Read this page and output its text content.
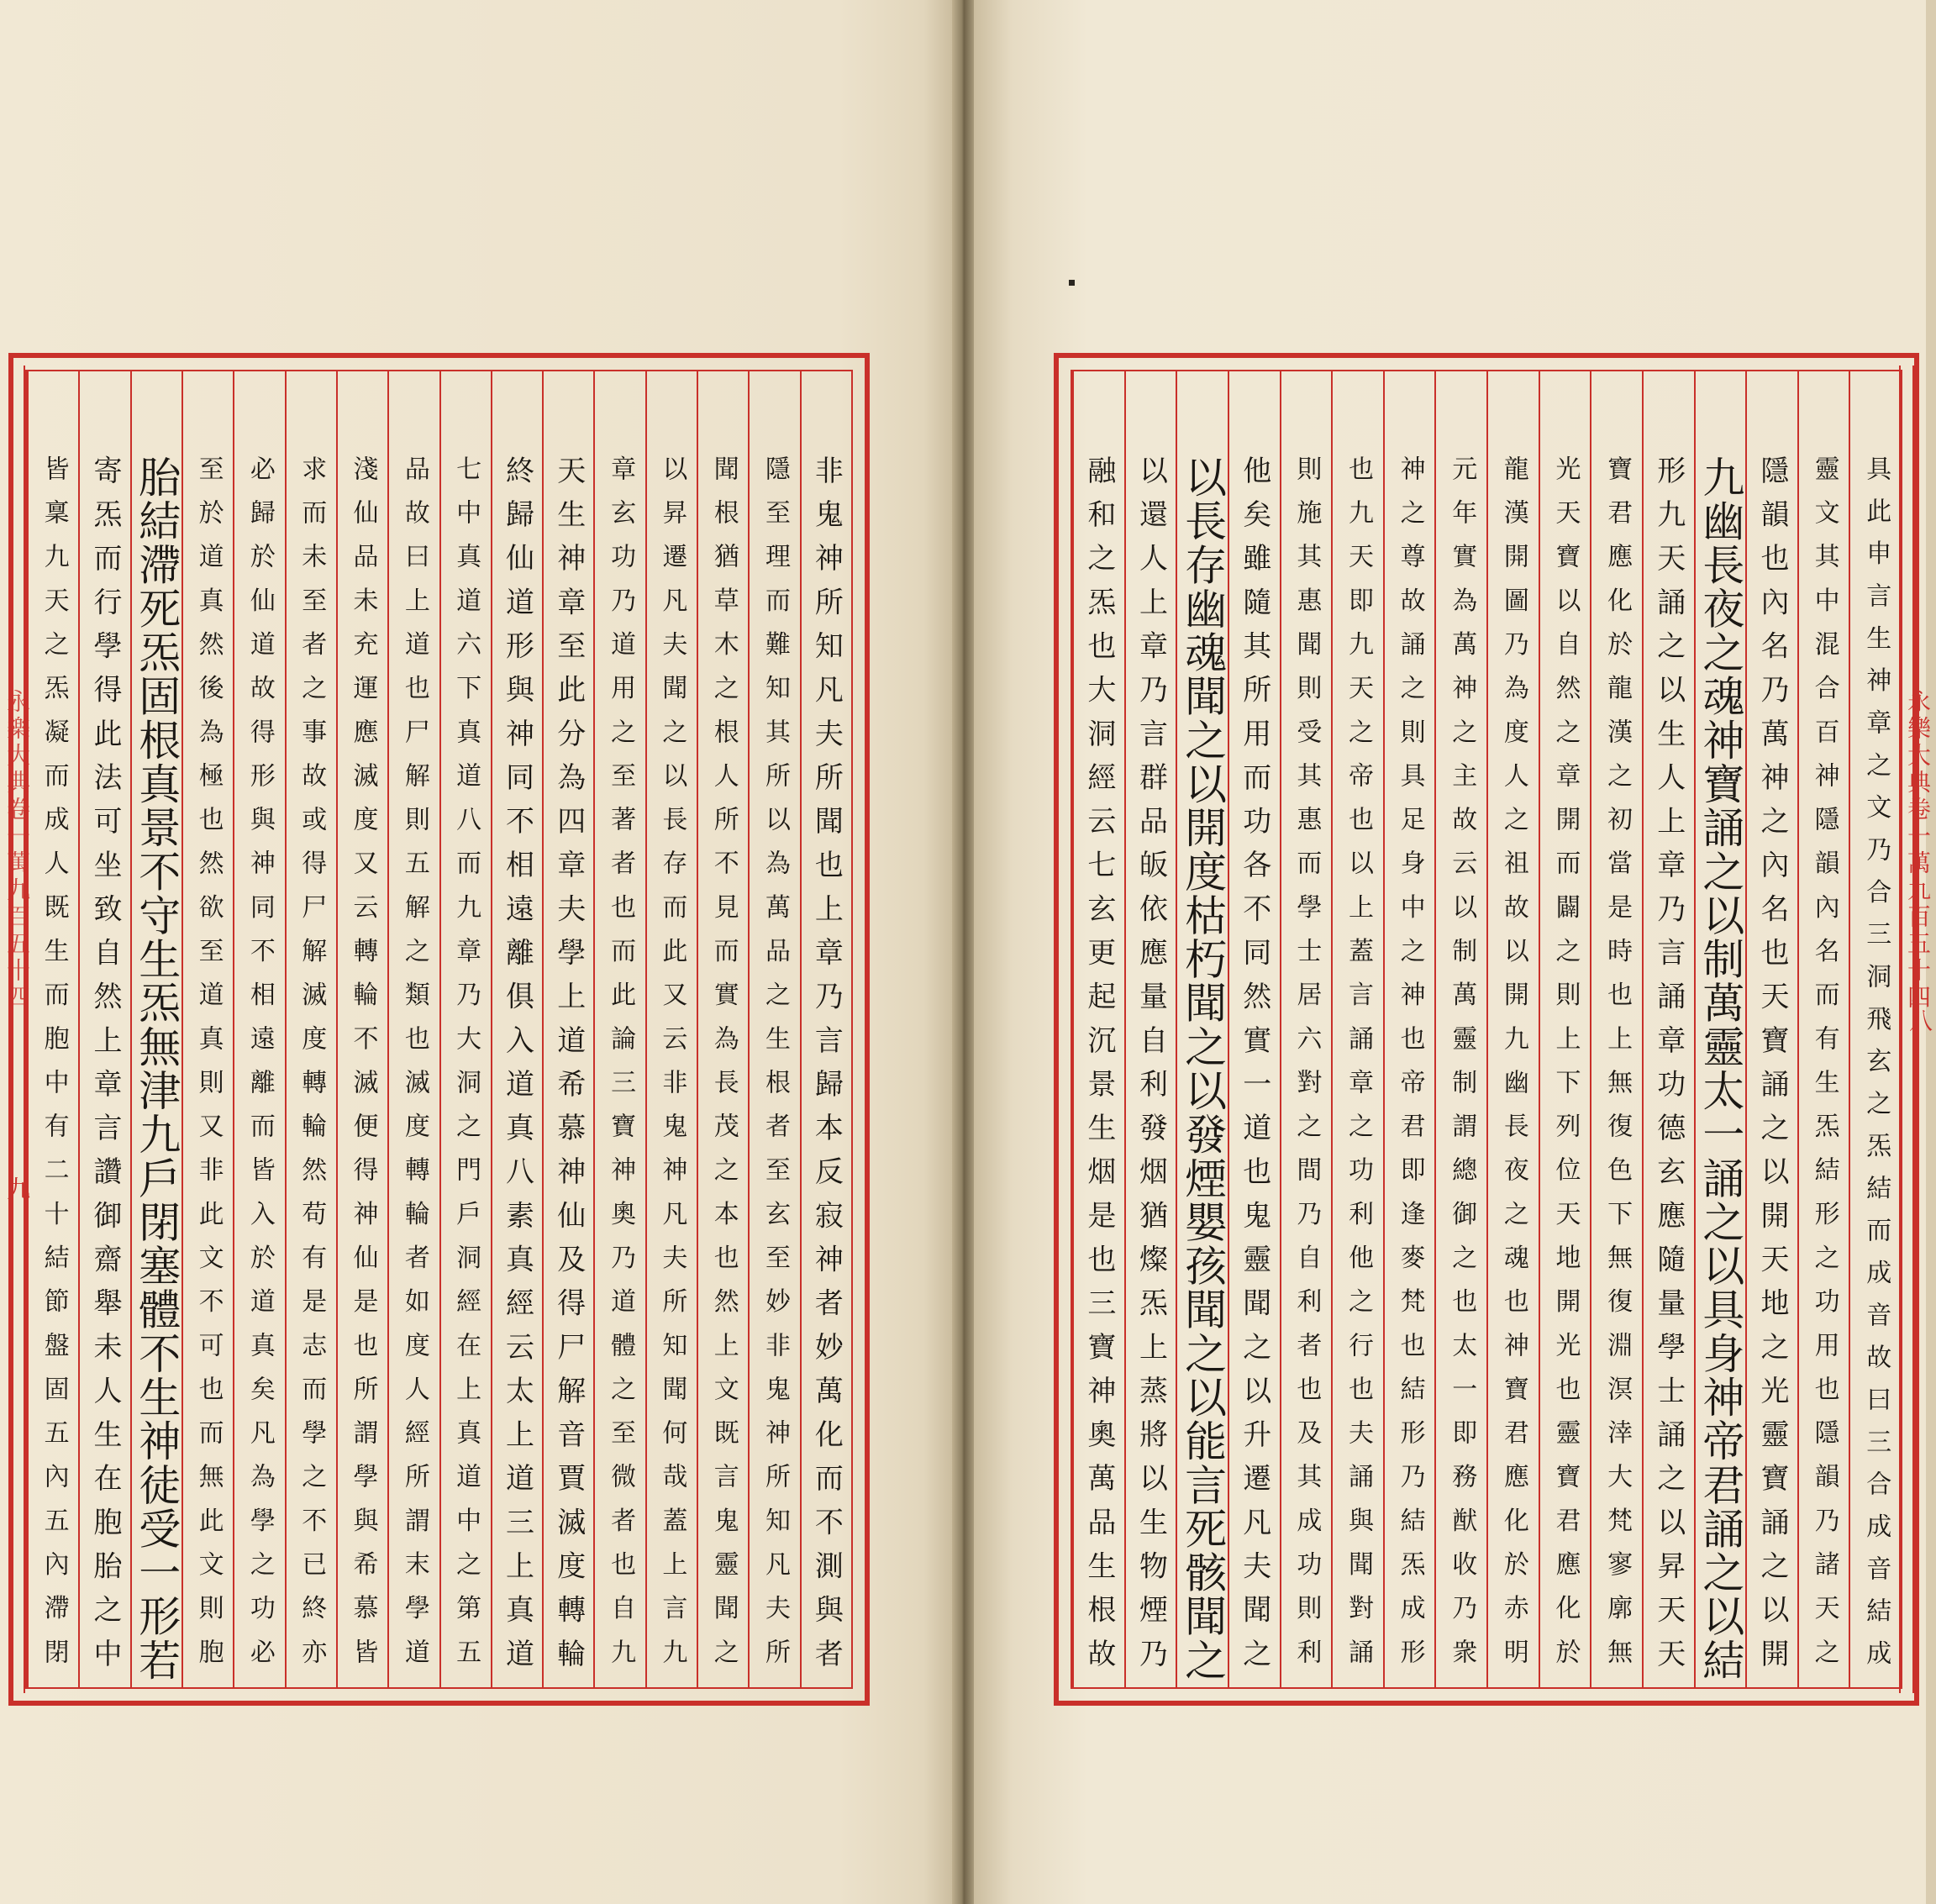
非鬼神所知凡夫所聞也上章乃言歸本反寂神者妙萬化而不測與者
隱至理而難知其所以為萬品之生根者至玄至妙非鬼神所知凡夫所
聞根猶草木之根人所不見而實為長茂之本也然上文既言鬼靈聞之
以昇遷凡夫聞之以長存而此又云非鬼神凡夫所知聞何哉蓋上言九
章玄功乃道用之至著者也而此論三寶神奧乃道體之至微者也自九
天生神章至此分為四章夫學上道希慕神仙及得尸解音賈滅度轉輪
終歸仙道形與神同不相遠離俱入道真八素真經云太上道三上真道
七中真道六下真道八而九章乃大洞之門戶洞經在上真道中之第五
品故曰上道也尸解則五解之類也滅度轉輪者如度人經所謂末學道
淺仙品未充運應滅度又云轉輪不滅便得神仙是也所謂學與希慕皆
求而未至者之事故或得尸解滅度轉輪然苟有是志而學之不已終亦
必歸於仙道故得形與神同不相遠離而皆入於道真矣凡為學之功必
至於道真然後為極也然欲至道真則又非此文不可也而無此文則胞
胎結滯死炁固根真景不守生炁無津九戶閉塞體不生神徒受一形若
寄炁而行學得此法可坐致自然上章言讚御齋舉未人生在胞胎之中
皆稟九天之炁凝而成人既生而胞中有二十結節盤固五內五內滯閉	具此申言生神章之文乃合三洞飛玄之炁結而成音故曰三合成音結成
靈文其中混合百神隱韻內名而有生炁結形之功用也隱韻乃諸天之
隱韻也內名乃萬神之內名也天寶誦之以開天地之光靈寶誦之以開
九幽長夜之魂神寶誦之以制萬靈太一誦之以具身神帝君誦之以結
形九天誦之以生人上章乃言誦章功德玄應隨量學士誦之以昇天天
寶君應化於龍漢之初當是時也上無復色下無復淵溟涬大梵寥廓無
光天寶以自然之章開而闢之則上下列位天地開光也靈寶君應化於
龍漢開圖乃為度人之祖故以開九幽長夜之魂也神寶君應化於赤明
元年實為萬神之主故云以制萬靈制謂總御之也太一即務猷收乃衆
神之尊故誦之則具足身中之神也帝君即逢麥梵也結形乃結炁成形
也九天即九天之帝也以上蓋言誦章之功利他之行也夫誦與聞對誦
則施其惠聞則受其惠而學士居六對之間乃自利者也及其成功則利
他矣雖隨其所用而功各不同然實一道也鬼靈聞之以升遷凡夫聞之
以長存幽魂聞之以開度枯朽聞之以發煙嬰孩聞之以能言死骸聞之
以還人上章乃言群品皈依應量自利發烟猶燦炁上蒸將以生物煙乃
融和之炁也大洞經云七玄更起沉景生烟是也三寶神奧萬品生根故
永樂大典卷一萬九百五十四
九
永樂大典卷一萬九百五十四
八
